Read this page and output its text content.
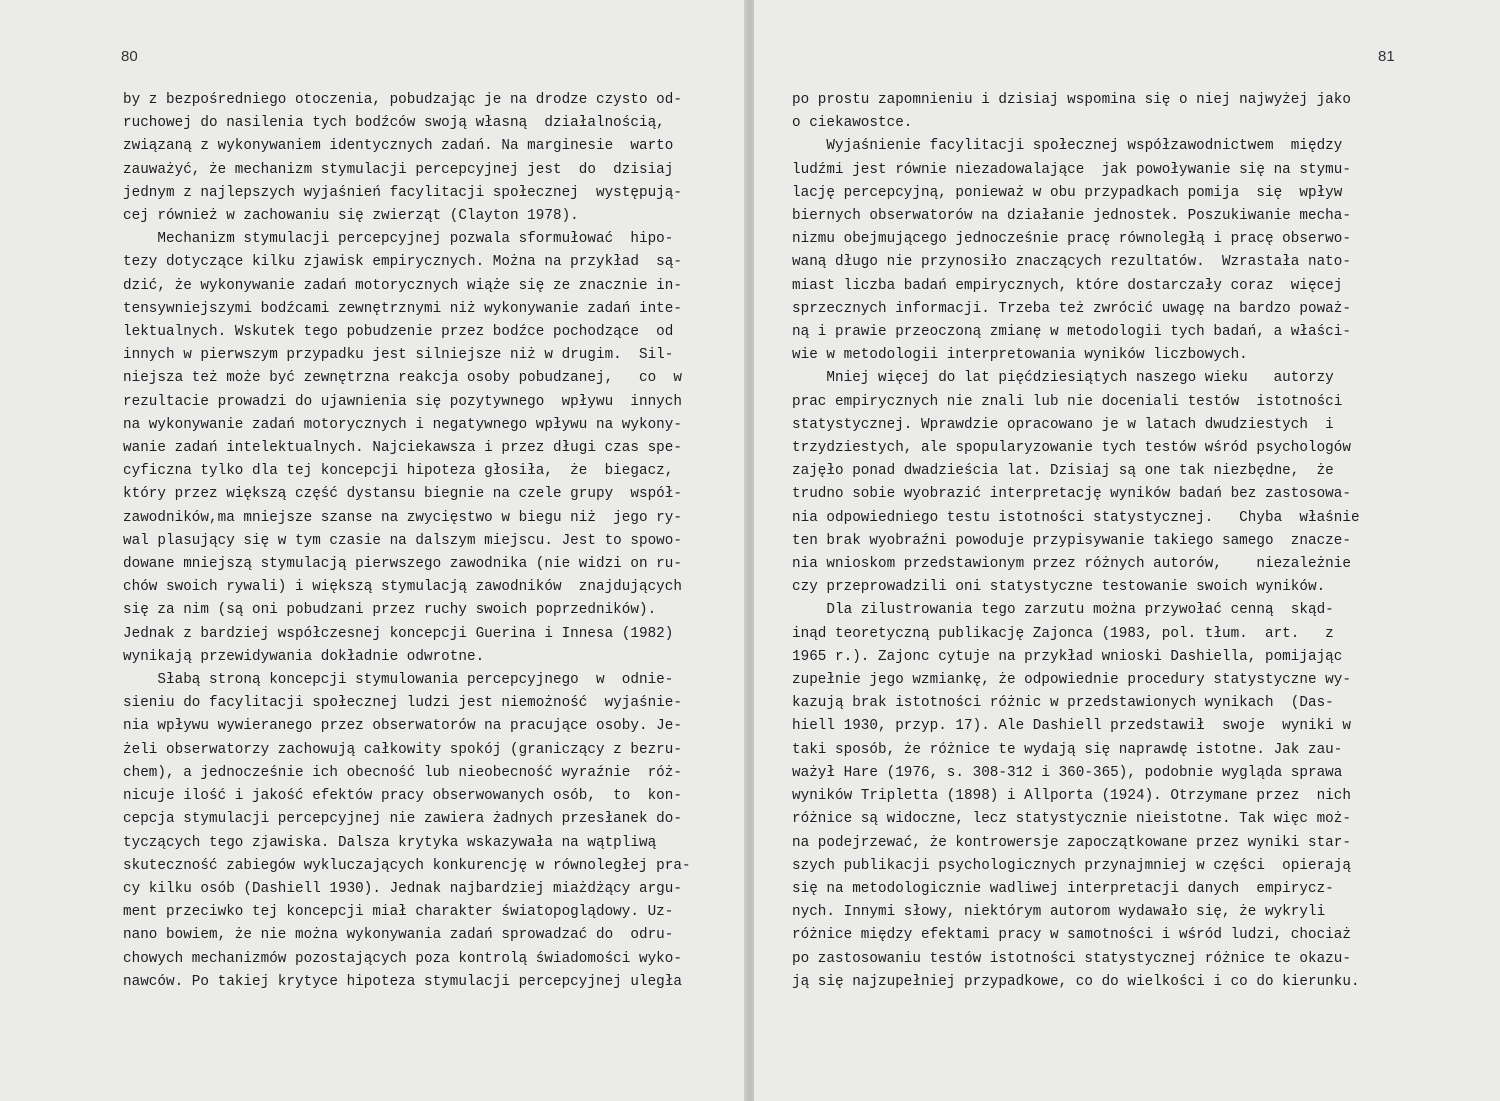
80
by z bezpośredniego otoczenia, pobudzając je na drodze czysto od-
ruchowej do nasilenia tych bodźców swoją własną  działalnością,
związaną z wykonywaniem identycznych zadań. Na marginesie  warto
zauważyć, że mechanizm stymulacji percepcyjnej jest  do  dzisiaj
jednym z najlepszych wyjaśnień facylitacji społecznej  występują-
cej również w zachowaniu się zwierząt (Clayton 1978).
Mechanizm stymulacji percepcyjnej pozwala sformułować  hipo-
tezy dotyczące kilku zjawisk empirycznych. Można na przykład  są-
dzić, że wykonywanie zadań motorycznych wiąże się ze znacznie in-
tensywniejszymi bodźcami zewnętrznymi niż wykonywanie zadań inte-
lektualnych. Wskutek tego pobudzenie przez bodźce pochodzące  od
innych w pierwszym przypadku jest silniejsze niż w drugim.  Sil-
niejsza też może być zewnętrzna reakcja osoby pobudzanej,   co  w
rezultacie prowadzi do ujawnienia się pozytywnego  wpływu  innych
na wykonywanie zadań motorycznych i negatywnego wpływu na wykony-
wanie zadań intelektualnych. Najciekawsza i przez długi czas spe-
cyficzna tylko dla tej koncepcji hipoteza głosiła,  że  biegacz,
który przez większą część dystansu biegnie na czele grupy  współ-
zawodników,ma mniejsze szanse na zwycięstwo w biegu niż  jego ry-
wal plasujący się w tym czasie na dalszym miejscu. Jest to spowo-
dowane mniejszą stymulacją pierwszego zawodnika (nie widzi on ru-
chów swoich rywali) i większą stymulacją zawodników  znajdujących
się za nim (są oni pobudzani przez ruchy swoich poprzedników).
Jednak z bardziej współczesnej koncepcji Guerina i Innesa (1982)
wynikają przewidywania dokładnie odwrotne.
Słabą stroną koncepcji stymulowania percepcyjnego  w  odnie-
sieniu do facylitacji społecznej ludzi jest niemożność  wyjaśnie-
nia wpływu wywieranego przez obserwatorów na pracujące osoby. Je-
żeli obserwatorzy zachowują całkowity spokój (graniczący z bezru-
chem), a jednocześnie ich obecność lub nieobecność wyraźnie  róż-
nicuje ilość i jakość efektów pracy obserwowanych osób,  to  kon-
cepcja stymulacji percepcyjnej nie zawiera żadnych przesłanek do-
tyczących tego zjawiska. Dalsza krytyka wskazywała na wątpliwą
skuteczność zabiegów wykluczających konkurencję w równoległej pra-
cy kilku osób (Dashiell 1930). Jednak najbardziej miażdżący argu-
ment przeciwko tej koncepcji miał charakter światopoglądowy. Uz-
nano bowiem, że nie można wykonywania zadań sprowadzać do  odru-
chowych mechanizmów pozostających poza kontrolą świadomości wyko-
nawców. Po takiej krytyce hipoteza stymulacji percepcyjnej uległa
81
po prostu zapomnieniu i dzisiaj wspomina się o niej najwyżej jako
o ciekawostce.
Wyjaśnienie facylitacji społecznej współzawodnictwem  między
ludźmi jest równie niezadowalające  jak powoływanie się na stymu-
lację percepcyjną, ponieważ w obu przypadkach pomija  się  wpływ
biernych obserwatorów na działanie jednostek. Poszukiwanie mecha-
nizmu obejmującego jednocześnie pracę równoległą i pracę obserwo-
waną długo nie przynosiło znaczących rezultatów.  Wzrastała nato-
miast liczba badań empirycznych, które dostarczały coraz  więcej
sprzecznych informacji. Trzeba też zwrócić uwagę na bardzo poważ-
ną i prawie przeoczoną zmianę w metodologii tych badań, a właści-
wie w metodologii interpretowania wyników liczbowych.
Mniej więcej do lat pięćdziesiątych naszego wieku   autorzy
prac empirycznych nie znali lub nie doceniali testów  istotności
statystycznej. Wprawdzie opracowano je w latach dwudziestych  i
trzydziestych, ale spopularyzowanie tych testów wśród psychologów
zajęło ponad dwadzieścia lat. Dzisiaj są one tak niezbędne,  że
trudno sobie wyobrazić interpretację wyników badań bez zastosowa-
nia odpowiedniego testu istotności statystycznej.   Chyba  właśnie
ten brak wyobraźni powoduje przypisywanie takiego samego  znacze-
nia wnioskom przedstawionym przez różnych autorów,    niezależnie
czy przeprowadzili oni statystyczne testowanie swoich wyników.
Dla zilustrowania tego zarzutu można przywołać cenną  skąd-
inąd teoretyczną publikację Zajonca (1983, pol. tłum.  art.   z
1965 r.). Zajonc cytuje na przykład wnioski Dashiella, pomijając
zupełnie jego wzmiankę, że odpowiednie procedury statystyczne wy-
kazują brak istotności różnic w przedstawionych wynikach  (Das-
hiell 1930, przyp. 17). Ale Dashiell przedstawił  swoje  wyniki w
taki sposób, że różnice te wydają się naprawdę istotne. Jak zau-
ważył Hare (1976, s. 308-312 i 360-365), podobnie wygląda sprawa
wyników Tripletta (1898) i Allporta (1924). Otrzymane przez  nich
różnice są widoczne, lecz statystycznie nieistotne. Tak więc moż-
na podejrzewać, że kontrowersje zapoczątkowane przez wyniki star-
szych publikacji psychologicznych przynajmniej w części  opierają
się na metodologicznie wadliwej interpretacji danych  empirycz-
nych. Innymi słowy, niektórym autorom wydawało się, że wykryli
różnice między efektami pracy w samotności i wśród ludzi, chociaż
po zastosowaniu testów istotności statystycznej różnice te okazu-
ją się najzupełniej przypadkowe, co do wielkości i co do kierunku.
